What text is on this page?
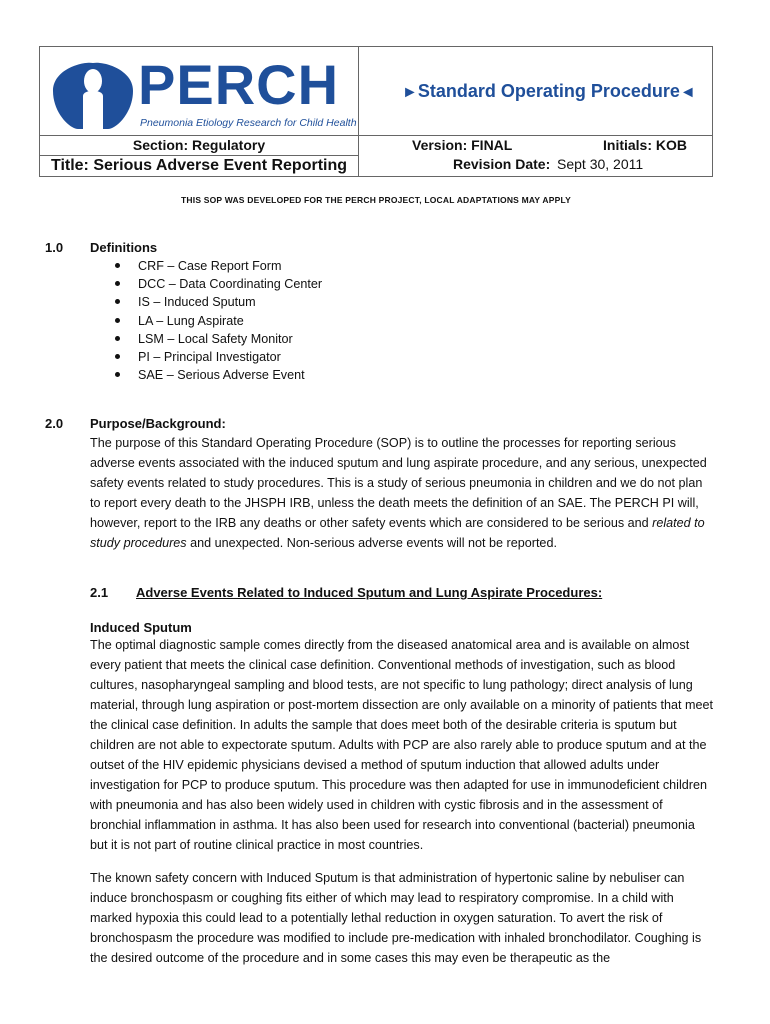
PERCH
Pneumonia Etiology Research for Child Health
►Standard Operating Procedure◄
Section: Regulatory
Title: Serious Adverse Event Reporting
Version: FINAL	Initials: KOB
Revision Date: Sept 30, 2011
THIS SOP WAS DEVELOPED FOR THE PERCH PROJECT, LOCAL ADAPTATIONS MAY APPLY
1.0 Definitions
CRF – Case Report Form
DCC – Data Coordinating Center
IS – Induced Sputum
LA – Lung Aspirate
LSM – Local Safety Monitor
PI – Principal Investigator
SAE – Serious Adverse Event
2.0 Purpose/Background:

The purpose of this Standard Operating Procedure (SOP) is to outline the processes for reporting serious adverse events associated with the induced sputum and lung aspirate procedure, and any serious, unexpected safety events related to study procedures. This is a study of serious pneumonia in children and we do not plan to report every death to the JHSPH IRB, unless the death meets the definition of an SAE. The PERCH PI will, however, report to the IRB any deaths or other safety events which are considered to be serious and related to study procedures and unexpected. Non-serious adverse events will not be reported.

2.1 Adverse Events Related to Induced Sputum and Lung Aspirate Procedures:
Induced Sputum

The optimal diagnostic sample comes directly from the diseased anatomical area and is available on almost every patient that meets the clinical case definition. Conventional methods of investigation, such as blood cultures, nasopharyngeal sampling and blood tests, are not specific to lung pathology; direct analysis of lung material, through lung aspiration or post-mortem dissection are only available on a minority of patients that meet the clinical case definition. In adults the sample that does meet both of the desirable criteria is sputum but children are not able to expectorate sputum. Adults with PCP are also rarely able to produce sputum and at the outset of the HIV epidemic physicians devised a method of sputum induction that allowed adults under investigation for PCP to produce sputum. This procedure was then adapted for use in immunodeficient children with pneumonia and has also been widely used in children with cystic fibrosis and in the assessment of bronchial inflammation in asthma. It has also been used for research into conventional (bacterial) pneumonia but it is not part of routine clinical practice in most countries.

The known safety concern with Induced Sputum is that administration of hypertonic saline by nebuliser can induce bronchospasm or coughing fits either of which may lead to respiratory compromise. In a child with marked hypoxia this could lead to a potentially lethal reduction in oxygen saturation. To avert the risk of bronchospasm the procedure was modified to include pre-medication with inhaled bronchodilator. Coughing is the desired outcome of the procedure and in some cases this may even be therapeutic as the
